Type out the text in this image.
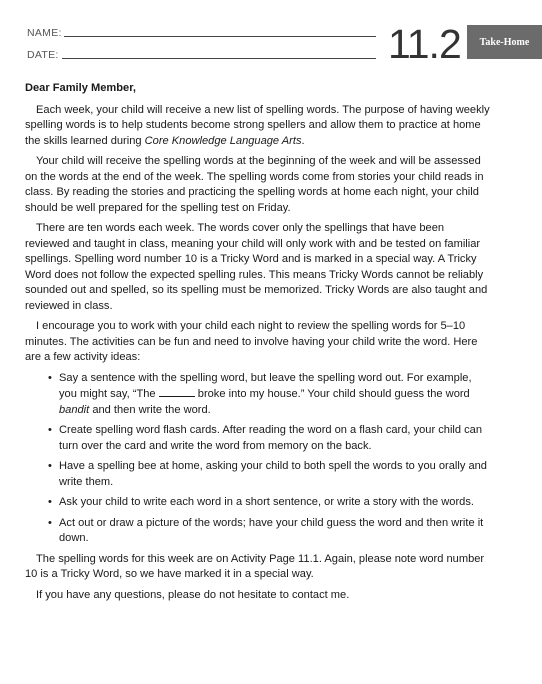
NAME:
DATE:	11.2	Take-Home

Dear Family Member,

Each week, your child will receive a new list of spelling words. The purpose of having weekly spelling words is to help students become strong spellers and allow them to practice at home the skills learned during Core Knowledge Language Arts.

Your child will receive the spelling words at the beginning of the week and will be assessed on the words at the end of the week. The spelling words come from stories your child reads in class. By reading the stories and practicing the spelling words at home each night, your child should be well prepared for the spelling test on Friday.

There are ten words each week. The words cover only the spellings that have been reviewed and taught in class, meaning your child will only work with and be tested on familiar spellings. Spelling word number 10 is a Tricky Word and is marked in a special way. A Tricky Word does not follow the expected spelling rules. This means Tricky Words cannot be reliably sounded out and spelled, so its spelling must be memorized. Tricky Words are also taught and reviewed in class.

I encourage you to work with your child each night to review the spelling words for 5–10 minutes. The activities can be fun and need to involve having your child write the word. Here are a few activity ideas:

• Say a sentence with the spelling word, but leave the spelling word out. For example, you might say, “The	broke into my house.” Your child should guess the word bandit and then write the word.
• Create spelling word flash cards. After reading the word on a flash card, your child can turn over the card and write the word from memory on the back.
• Have a spelling bee at home, asking your child to both spell the words to you orally and write them.
• Ask your child to write each word in a short sentence, or write a story with the words.
• Act out or draw a picture of the words; have your child guess the word and then write it down.

The spelling words for this week are on Activity Page 11.1. Again, please note word number 10 is a Tricky Word, so we have marked it in a special way.

If you have any questions, please do not hesitate to contact me.
